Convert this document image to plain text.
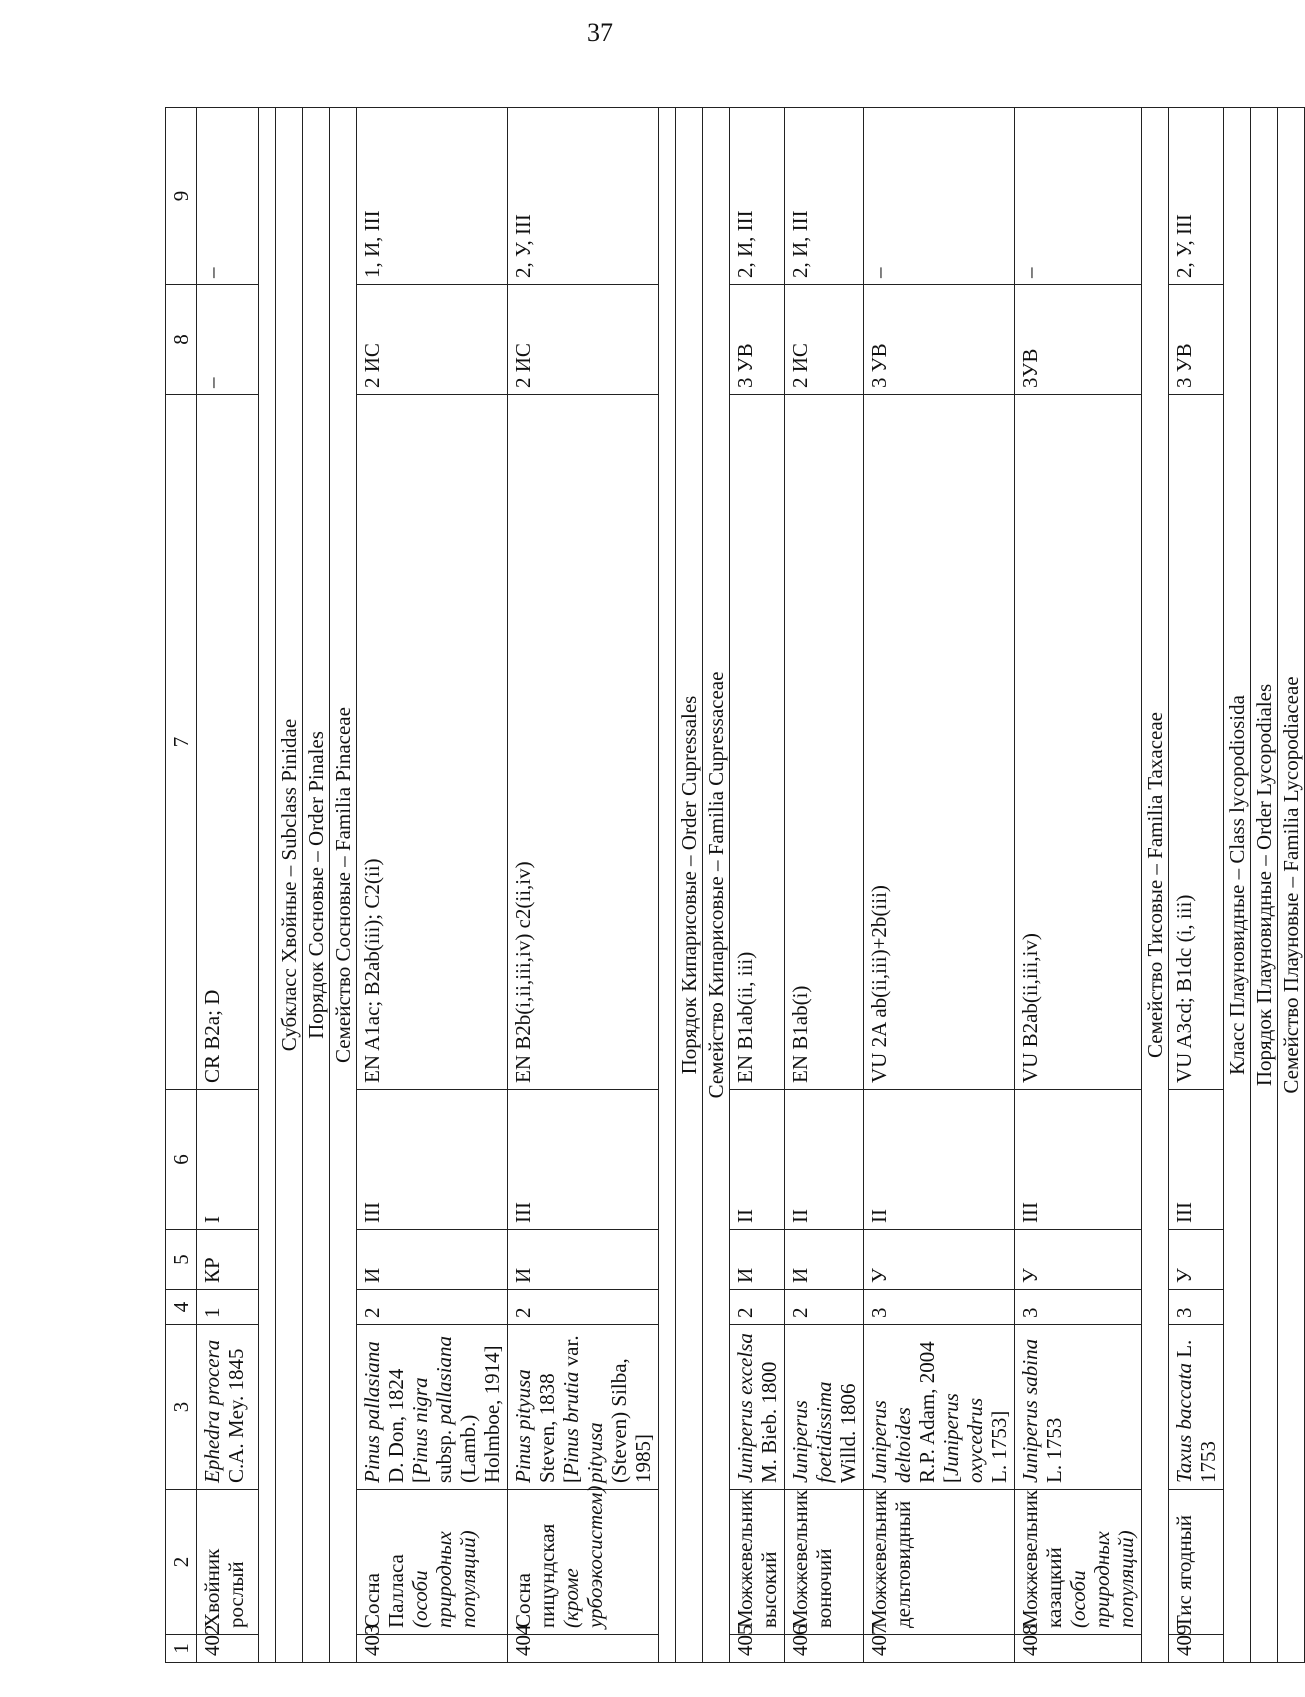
37
1	2	3	4	5	6	7	8	9
402	Хвойник рослый	Ephedra procera
C.A. Mey. 1845	1	КР	I	CR B2a; D	–	–

Субкласс Хвойные – Subclass Pinidae								
Порядок Сосновые – Order Pinales								
Семейство Сосновые – Familia Pinaceae								
403	Сосна Палласа
(особи природных популяций)	Pinus pallasiana
D. Don, 1824
[Pinus nigra subsp. pallasiana
(Lamb.) Holmboe, 1914]	2	И	III	EN A1ac; B2ab(iii); C2(ii)	2 ИС	1, И, III
404	Сосна пицундская
(кроме урбоэкосистем)	Pinus pityusa Steven, 1838
[Pinus brutia var. pityusa
(Steven) Silba, 1985]	2	И	III	EN B2b(i,ii,iii,iv) c2(ii,iv)	2 ИС	2, У, III

Порядок Кипарисовые – Order Cupressales								
Семейство Кипарисовые – Familia Cupressaceae								
405	Можжевельник высокий	Juniperus excelsa
M. Bieb. 1800	2	И	II	EN B1ab(ii, iii)	3 УВ	2, И, III
406	Можжевельник вонючий	Juniperus foetidissima
Willd. 1806	2	И	II	EN B1ab(i)	2 ИС	2, И, III
407	Можжевельник дельтовидный	Juniperus deltoides
R.P. Adam, 2004
[Juniperus oxycedrus
L. 1753]	3	У	II	VU 2A ab(ii,iii)+2b(iii)	3 УВ	–
408	Можжевельник казацкий
(особи природных популяций)	Juniperus sabina L. 1753	3	У	III	VU B2ab(ii,iii,iv)	3УВ	–
Семейство Тисовые – Familia Taxaceae								
409	Тис ягодный	Taxus baccata L. 1753	3	У	III	VU A3cd; B1dc (i, iii)	3 УВ	2, У, III
Класс Плауновидные – Class lycopodiosida								
Порядок Плауновидные – Order Lycopodiales								
Семейство Плауновые – Familia Lycopodiaceae								
